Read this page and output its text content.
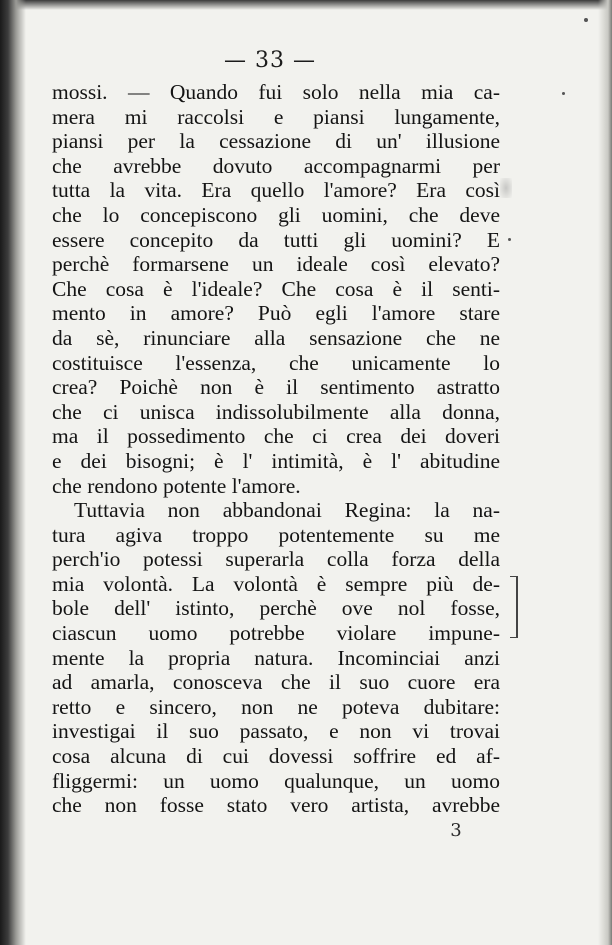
— 33 —
mossi. — Quando fui solo nella mia ca-
mera mi raccolsi e piansi lungamente,
piansi per la cessazione di un' illusione
che avrebbe dovuto accompagnarmi per
tutta la vita. Era quello l'amore? Era così
che lo concepiscono gli uomini, che deve
essere concepito da tutti gli uomini? E
perchè formarsene un ideale così elevato?
Che cosa è l'ideale? Che cosa è il senti-
mento in amore? Può egli l'amore stare
da sè, rinunciare alla sensazione che ne
costituisce l'essenza, che unicamente lo
crea? Poichè non è il sentimento astratto
che ci unisca indissolubilmente alla donna,
ma il possedimento che ci crea dei doveri
e dei bisogni; è l' intimità, è l' abitudine
che rendono potente l'amore.
Tuttavia non abbandonai Regina: la na-
tura agiva troppo potentemente su me
perch'io potessi superarla colla forza della
mia volontà. La volontà è sempre più de-
bole dell' istinto, perchè ove nol fosse,
ciascun uomo potrebbe violare impune-
mente la propria natura. Incominciai anzi
ad amarla, conosceva che il suo cuore era
retto e sincero, non ne poteva dubitare:
investigai il suo passato, e non vi trovai
cosa alcuna di cui dovessi soffrire ed af-
fliggermi: un uomo qualunque, un uomo
che non fosse stato vero artista, avrebbe
3
